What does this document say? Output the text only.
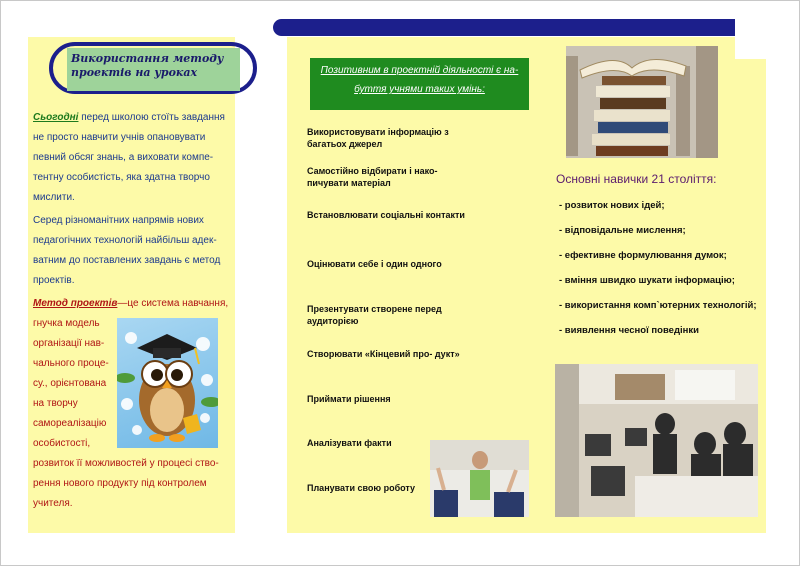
Використання методу проектів на уроках
Сьогодні перед школою стоїть завдання
не просто навчити учнів опановувати
певний обсяг знань, а виховати компе-
тентну особистість, яка здатна творчо
мислити.
Серед різноманітних напрямів нових
педагогічних технологій найбільш адек-
ватним до поставлених завдань є метод
проектів.
Метод проектів—це система навчання,
гнучка модель
організації нав-
чального проце-
су., орієнтована
на творчу
самореалізацію
особистості,
розвиток її можливостей у процесі ство-
рення нового продукту під контролем
учителя.
Позитивним в проектній діяльності є на-
буття учнями таких умінь:
Використовувати інформацію з багатьох джерел
Самостійно відбирати і нако- пичувати матеріал
Встановлювати соціальні контакти
Оцінювати себе і один одного
Презентувати створене перед аудиторією
Створювати «Кінцевий про- дукт»
Приймати рішення
Аналізувати факти
Планувати свою роботу
Основні навички 21 століття:
- розвиток нових ідей;
- відповідальне мислення;
- ефективне формулювання думок;
- вміння швидко шукати інформацію;
- використання комп`ютерних технологій;
- виявлення чесної поведінки
